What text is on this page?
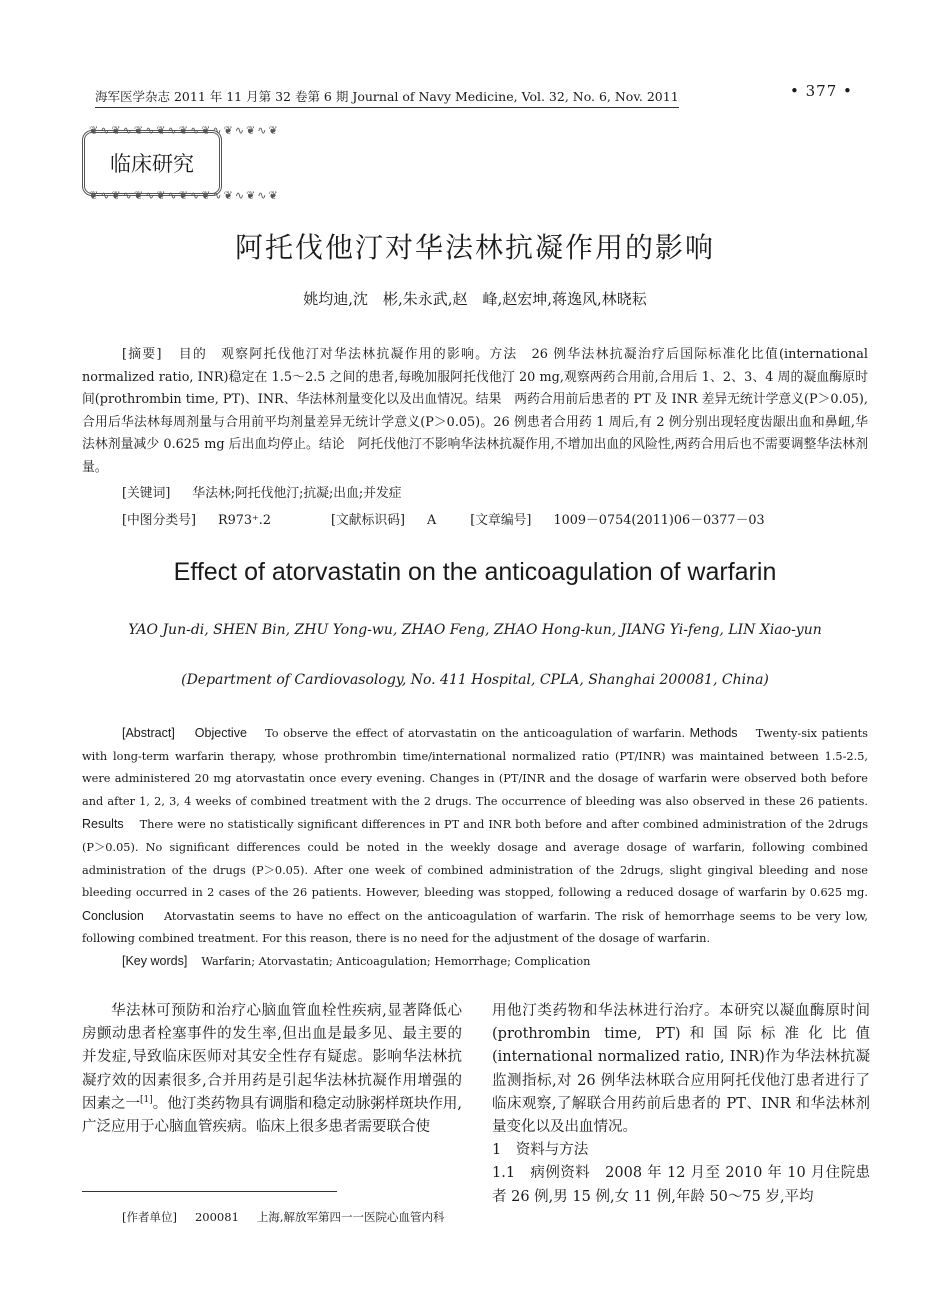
海军医学杂志 2011 年 11 月第 32 卷第 6 期 Journal of Navy Medicine, Vol. 32, No. 6, Nov. 2011	• 377 •
❦∿❦∿❦∿❦∿❦∿❦∿❦∿❦∿❦
临床研究
❦∿❦∿❦∿❦∿❦∿❦∿❦∿❦∿❦
阿托伐他汀对华法林抗凝作用的影响
姚均迪,沈　彬,朱永武,赵　峰,赵宏坤,蒋逸风,林晓耘
[摘要] 目的　观察阿托伐他汀对华法林抗凝作用的影响。方法　26 例华法林抗凝治疗后国际标准化比值(international normalized ratio, INR)稳定在 1.5～2.5 之间的患者,每晚加服阿托伐他汀 20 mg,观察两药合用前,合用后 1、2、3、4 周的凝血酶原时间(prothrombin time, PT)、INR、华法林剂量变化以及出血情况。结果　两药合用前后患者的 PT 及 INR 差异无统计学意义(P＞0.05),合用后华法林每周剂量与合用前平均剂量差异无统计学意义(P＞0.05)。26 例患者合用药 1 周后,有 2 例分别出现轻度齿龈出血和鼻衄,华法林剂量减少 0.625 mg 后出血均停止。结论　阿托伐他汀不影响华法林抗凝作用,不增加出血的风险性,两药合用后也不需要调整华法林剂量。
[关键词] 华法林;阿托伐他汀;抗凝;出血;并发症
[中图分类号] R973⁺.2	[文献标识码] A	[文章编号] 1009－0754(2011)06－0377－03
Effect of atorvastatin on the anticoagulation of warfarin
YAO Jun-di, SHEN Bin, ZHU Yong-wu, ZHAO Feng, ZHAO Hong-kun, JIANG Yi-feng, LIN Xiao-yun
(Department of Cardiovasology, No. 411 Hospital, CPLA, Shanghai 200081, China)
[Abstract] Objective To observe the effect of atorvastatin on the anticoagulation of warfarin. Methods Twenty-six patients with long-term warfarin therapy, whose prothrombin time/international normalized ratio (PT/INR) was maintained between 1.5-2.5, were administered 20 mg atorvastatin once every evening. Changes in (PT/INR and the dosage of warfarin were observed both before and after 1, 2, 3, 4 weeks of combined treatment with the 2 drugs. The occurrence of bleeding was also observed in these 26 patients. Results There were no statistically significant differences in PT and INR both before and after combined administration of the 2drugs (P＞0.05). No significant differences could be noted in the weekly dosage and average dosage of warfarin, following combined administration of the drugs (P＞0.05). After one week of combined administration of the 2drugs, slight gingival bleeding and nose bleeding occurred in 2 cases of the 26 patients. However, bleeding was stopped, following a reduced dosage of warfarin by 0.625 mg. Conclusion Atorvastatin seems to have no effect on the anticoagulation of warfarin. The risk of hemorrhage seems to be very low, following combined treatment. For this reason, there is no need for the adjustment of the dosage of warfarin.
[Key words] Warfarin; Atorvastatin; Anticoagulation; Hemorrhage; Complication

华法林可预防和治疗心脑血管血栓性疾病,显著降低心房颤动患者栓塞事件的发生率,但出血是最多见、最主要的并发症,导致临床医师对其安全性存有疑虑。影响华法林抗凝疗效的因素很多,合并用药是引起华法林抗凝作用增强的因素之一[1]。他汀类药物具有调脂和稳定动脉粥样斑块作用,广泛应用于心脑血管疾病。临床上很多患者需要联合使

[作者单位] 200081 上海,解放军第四一一医院心血管内科

用他汀类药物和华法林进行治疗。本研究以凝血酶原时间(prothrombin time, PT)和国际标准化比值(international normalized ratio, INR)作为华法林抗凝监测指标,对 26 例华法林联合应用阿托伐他汀患者进行了临床观察,了解联合用药前后患者的 PT、INR 和华法林剂量变化以及出血情况。

1　资料与方法

1.1　病例资料 2008 年 12 月至 2010 年 10 月住院患者 26 例,男 15 例,女 11 例,年龄 50～75 岁,平均
